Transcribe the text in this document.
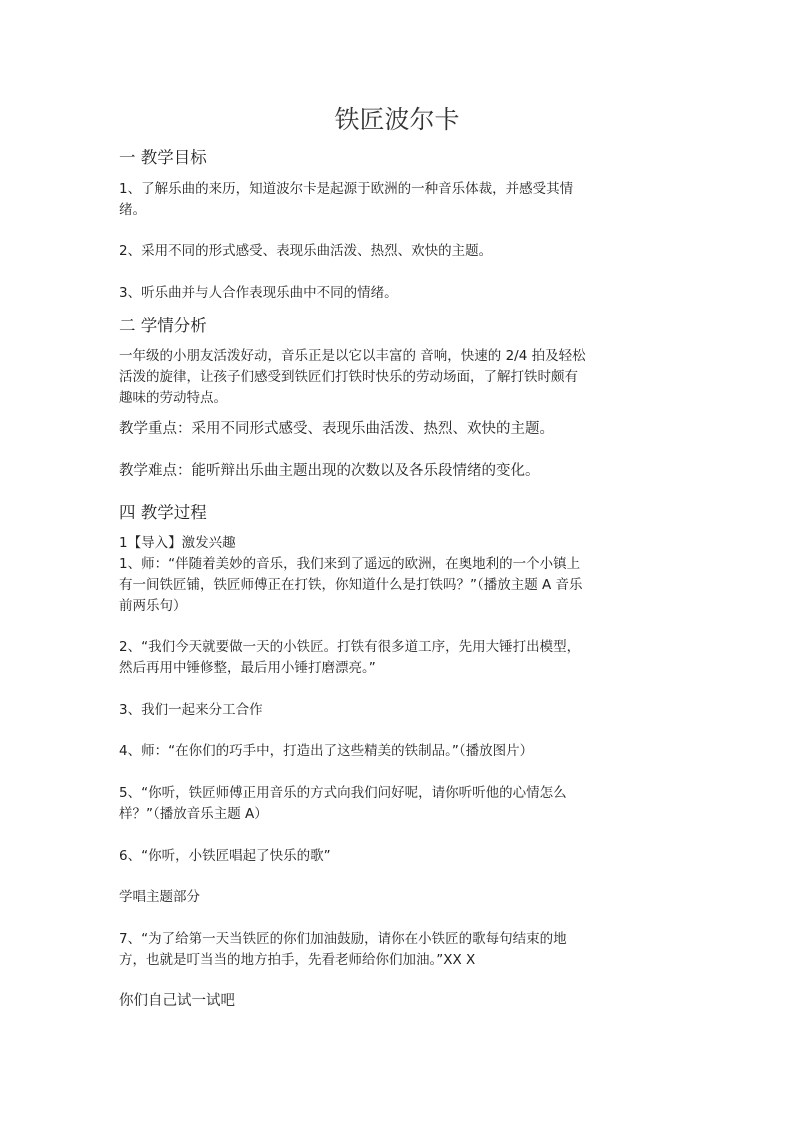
铁匠波尔卡
一 教学目标
1、了解乐曲的来历，知道波尔卡是起源于欧洲的一种音乐体裁，并感受其情
绪。
2、采用不同的形式感受、表现乐曲活泼、热烈、欢快的主题。
3、听乐曲并与人合作表现乐曲中不同的情绪。
二 学情分析
一年级的小朋友活泼好动，音乐正是以它以丰富的 音响，快速的 2/4 拍及轻松
活泼的旋律，让孩子们感受到铁匠们打铁时快乐的劳动场面，了解打铁时颇有
趣味的劳动特点。
教学重点：采用不同形式感受、表现乐曲活泼、热烈、欢快的主题。
教学难点：能听辩出乐曲主题出现的次数以及各乐段情绪的变化。
四 教学过程
1【导入】激发兴趣
1、师：“伴随着美妙的音乐，我们来到了遥远的欧洲，在奥地利的一个小镇上
有一间铁匠铺，铁匠师傅正在打铁，你知道什么是打铁吗？”（播放主题 A 音乐
前两乐句）
2、“我们今天就要做一天的小铁匠。打铁有很多道工序，先用大锤打出模型，
然后再用中锤修整，最后用小锤打磨漂亮。”
3、我们一起来分工合作
4、师：“在你们的巧手中，打造出了这些精美的铁制品。”（播放图片）
5、“你听，铁匠师傅正用音乐的方式向我们问好呢，请你听听他的心情怎么
样？”（播放音乐主题 A）
6、“你听，小铁匠唱起了快乐的歌”
学唱主题部分
7、“为了给第一天当铁匠的你们加油鼓励，请你在小铁匠的歌每句结束的地
方，也就是叮当当的地方拍手，先看老师给你们加油。”XX X
你们自己试一试吧
